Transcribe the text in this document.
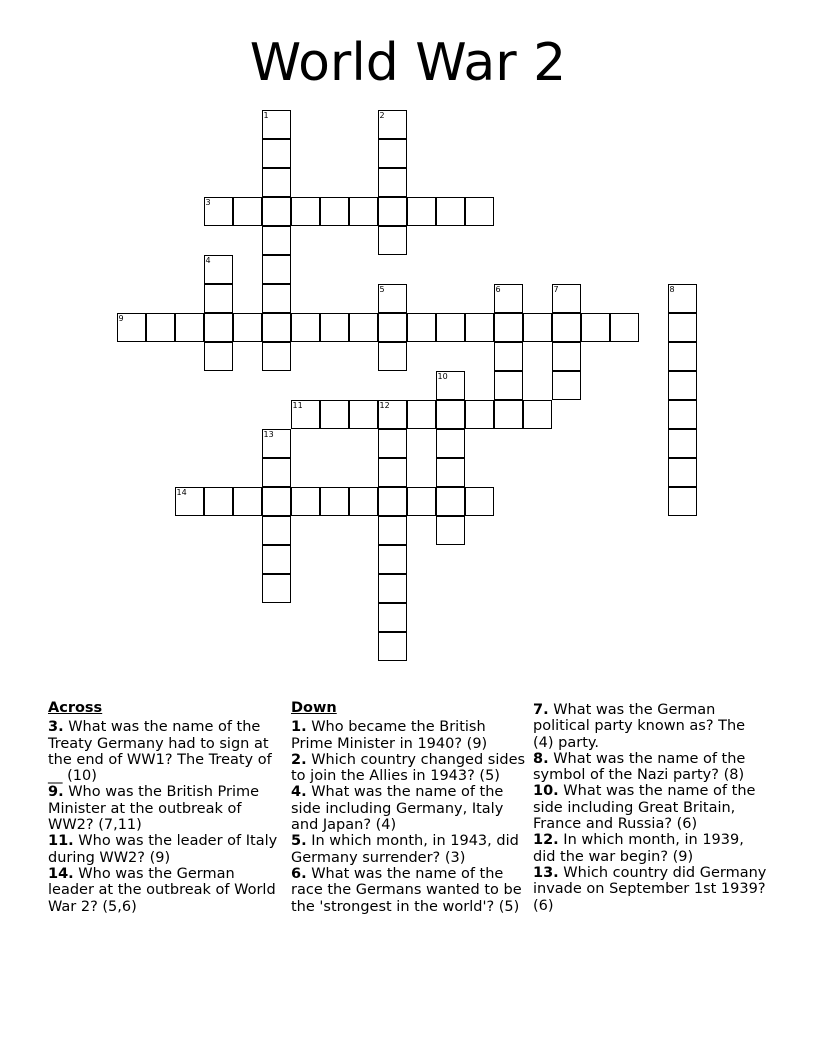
World War 2
3
9
11	12
14
1	2
4
5	6	7	8
10
13
Across
3. What was the name of the Treaty Germany had to sign at the end of WW1? The Treaty of __ (10)
9. Who was the British Prime Minister at the outbreak of WW2? (7,11)
11. Who was the leader of Italy during WW2? (9)
14. Who was the German leader at the outbreak of World War 2? (5,6)
Down
1. Who became the British Prime Minister in 1940? (9)
2. Which country changed sides to join the Allies in 1943? (5)
4. What was the name of the side including Germany, Italy and Japan? (4)
5. In which month, in 1943, did Germany surrender? (3)
6. What was the name of the race the Germans wanted to be the 'strongest in the world'? (5)
7. What was the German political party known as? The (4) party.
8. What was the name of the symbol of the Nazi party? (8)
10. What was the name of the side including Great Britain, France and Russia? (6)
12. In which month, in 1939, did the war begin? (9)
13. Which country did Germany invade on September 1st 1939? (6)
